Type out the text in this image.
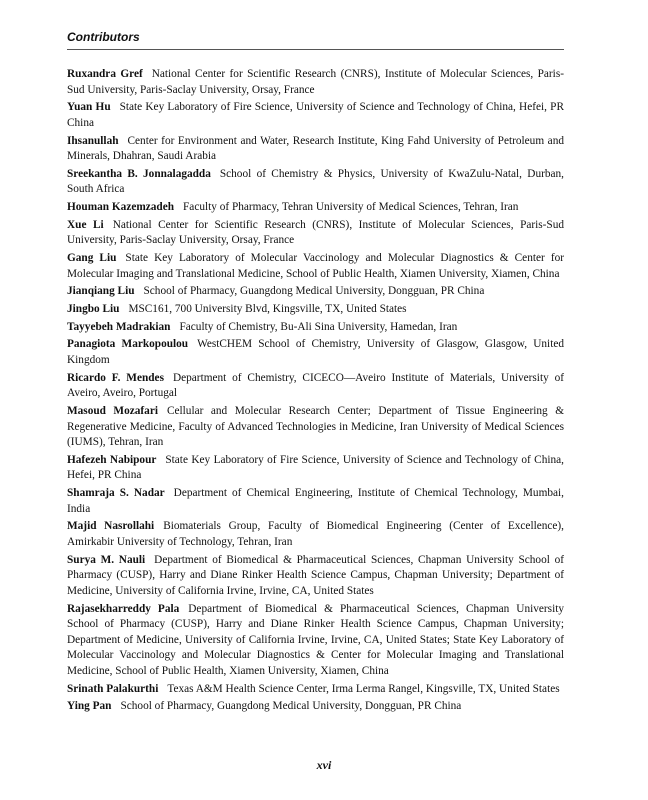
Contributors

Ruxandra Gref National Center for Scientific Research (CNRS), Institute of Molecular Sciences, Paris-Sud University, Paris-Saclay University, Orsay, France

Yuan Hu State Key Laboratory of Fire Science, University of Science and Technology of China, Hefei, PR China

Ihsanullah Center for Environment and Water, Research Institute, King Fahd University of Petroleum and Minerals, Dhahran, Saudi Arabia

Sreekantha B. Jonnalagadda School of Chemistry & Physics, University of KwaZulu-Natal, Durban, South Africa

Houman Kazemzadeh Faculty of Pharmacy, Tehran University of Medical Sciences, Tehran, Iran

Xue Li National Center for Scientific Research (CNRS), Institute of Molecular Sciences, Paris-Sud University, Paris-Saclay University, Orsay, France

Gang Liu State Key Laboratory of Molecular Vaccinology and Molecular Diagnostics & Center for Molecular Imaging and Translational Medicine, School of Public Health, Xiamen University, Xiamen, China

Jianqiang Liu School of Pharmacy, Guangdong Medical University, Dongguan, PR China

Jingbo Liu MSC161, 700 University Blvd, Kingsville, TX, United States

Tayyebeh Madrakian Faculty of Chemistry, Bu-Ali Sina University, Hamedan, Iran

Panagiota Markopoulou WestCHEM School of Chemistry, University of Glasgow, Glasgow, United Kingdom

Ricardo F. Mendes Department of Chemistry, CICECO—Aveiro Institute of Materials, University of Aveiro, Aveiro, Portugal

Masoud Mozafari Cellular and Molecular Research Center; Department of Tissue Engineering & Regenerative Medicine, Faculty of Advanced Technologies in Medicine, Iran University of Medical Sciences (IUMS), Tehran, Iran

Hafezeh Nabipour State Key Laboratory of Fire Science, University of Science and Technology of China, Hefei, PR China

Shamraja S. Nadar Department of Chemical Engineering, Institute of Chemical Technology, Mumbai, India

Majid Nasrollahi Biomaterials Group, Faculty of Biomedical Engineering (Center of Excellence), Amirkabir University of Technology, Tehran, Iran

Surya M. Nauli Department of Biomedical & Pharmaceutical Sciences, Chapman University School of Pharmacy (CUSP), Harry and Diane Rinker Health Science Campus, Chapman University; Department of Medicine, University of California Irvine, Irvine, CA, United States

Rajasekharreddy Pala Department of Biomedical & Pharmaceutical Sciences, Chapman University School of Pharmacy (CUSP), Harry and Diane Rinker Health Science Campus, Chapman University; Department of Medicine, University of California Irvine, Irvine, CA, United States; State Key Laboratory of Molecular Vaccinology and Molecular Diagnostics & Center for Molecular Imaging and Translational Medicine, School of Public Health, Xiamen University, Xiamen, China

Srinath Palakurthi Texas A&M Health Science Center, Irma Lerma Rangel, Kingsville, TX, United States

Ying Pan School of Pharmacy, Guangdong Medical University, Dongguan, PR China

xvi
